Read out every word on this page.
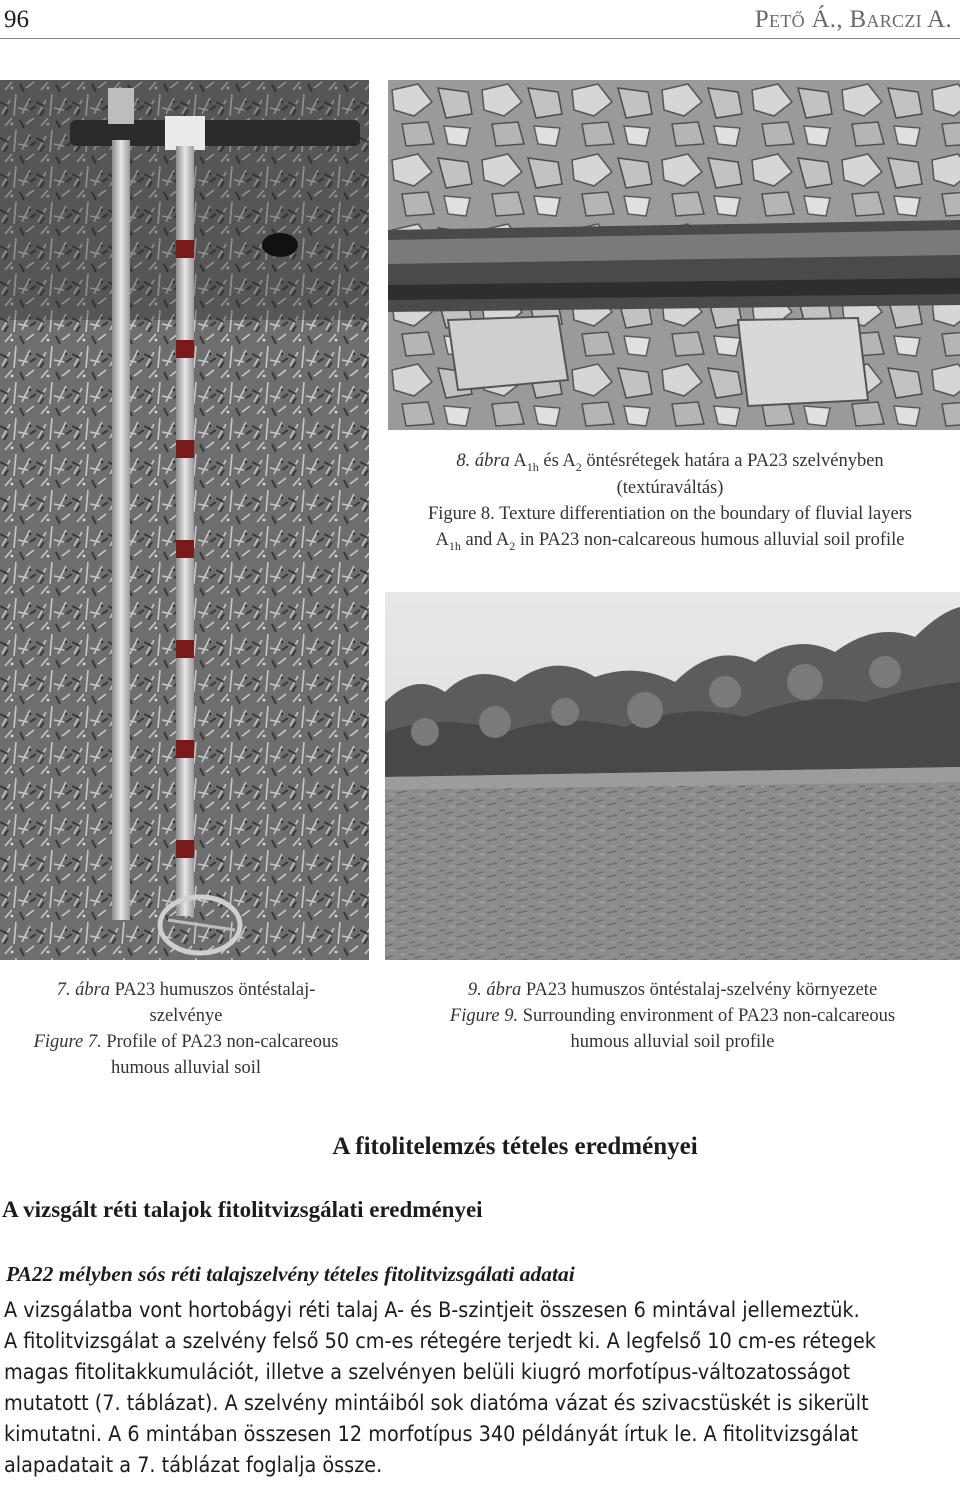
96	Pető Á., Barczi A.
8. ábra $A_{1h}$ és $A_2$ öntésrétegek határa a PA23 szelvényben
(textúraváltás)
Figure 8. Texture differentiation on the boundary of fluvial layers
$A_{1h}$ and $A_2$ in PA23 non-calcareous humous alluvial soil profile
7. ábra PA23 humuszos öntéstalaj-
szelvénye
Figure 7. Profile of PA23 non-calcareous
humous alluvial soil
9. ábra PA23 humuszos öntéstalaj-szelvény környezete
Figure 9. Surrounding environment of PA23 non-calcareous
humous alluvial soil profile
A fitolitelemzés tételes eredményei
A vizsgált réti talajok fitolitvizsgálati eredményei
PA22 mélyben sós réti talajszelvény tételes fitolitvizsgálati adatai
A vizsgálatba vont hortobágyi réti talaj A- és B-szintjeit összesen 6 mintával jellemeztük.
A fitolitvizsgálat a szelvény felső 50 cm-es rétegére terjedt ki. A legfelső 10 cm-es rétegek
magas fitolitakkumulációt, illetve a szelvényen belüli kiugró morfotípus-változatosságot
mutatott (7. táblázat). A szelvény mintáiból sok diatóma vázat és szivacstüskét is sikerült
kimutatni. A 6 mintában összesen 12 morfotípus 340 példányát írtuk le. A fitolitvizsgálat
alapadatait a 7. táblázat foglalja össze.
